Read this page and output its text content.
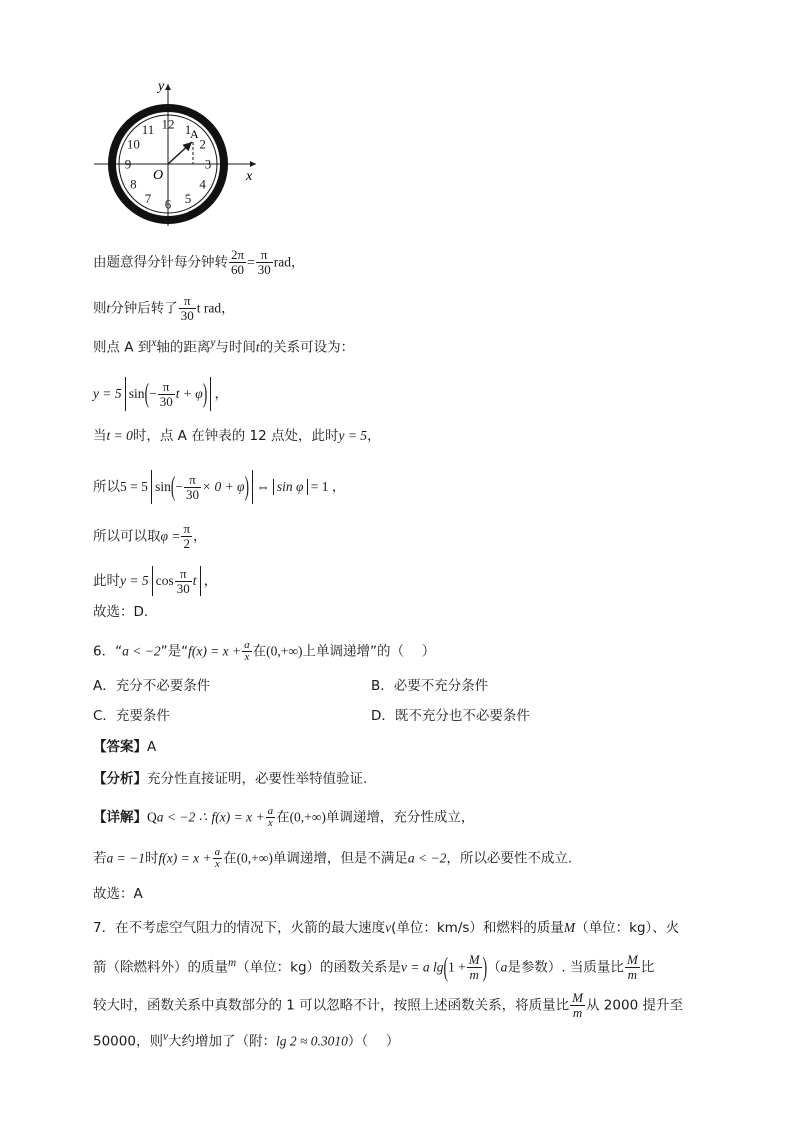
12 1
2
3
4
5
6
7
8
9
10
11
x
y
O
A
由题意得分针每分钟转 $\frac{2\pi}{60} = \frac{\pi}{30}$ rad，
则t分钟后转了 $\frac{\pi}{30}$ t rad，
则点 A 到$^x$轴的距离$^y$与时间t的关系可设为：
y = 5 $\sin(- \frac{\pi}{30}$ t + φ) ，
当t = 0时，点 A 在钟表的 12 点处，此时y = 5，
所以5 = 5 $\sin(- \frac{\pi}{30} \times 0 + \varphi)$ ⇔ sin φ = 1 ，
所以可以取$\varphi = \frac{\pi}{2}$ ，
此时y = 5 $\cos \frac{\pi}{30}$ t ，
故选：D.
6．“a < −2”是“$f(x) = x + \frac{a}{x}$ 在(0,+∞)上单调递增”的（　 ）
A．充分不必要条件	B．必要不充分条件
C．充要条件	D．既不充分也不必要条件
【答案】A
【分析】充分性直接证明，必要性举特值验证.
【详解】Qa < −2 ∴ $f(x) = x + \frac{a}{x}$ 在(0,+∞)单调递增，充分性成立，
若a = −1时$f(x) = x + \frac{a}{x}$ 在(0,+∞)单调递增，但是不满足a < −2，所以必要性不成立.
故选：A
7．在不考虑空气阻力的情况下，火箭的最大速度v(单位：km/s）和燃料的质量M（单位：kg）、火
箭（除燃料外）的质量$^m$（单位：kg）的函数关系是v = a $\lg(1 + \frac{M}{m} )(a$是参数）. 当质量比 $\frac{M}{m}$ 比
较大时，函数关系中真数部分的 1 可以忽略不计，按照上述函数关系，将质量比 $\frac{M}{m}$ 从 2000 提升至
50000，则$^v$大约增加了（附：lg 2 ≈ 0.3010）（　 ）
